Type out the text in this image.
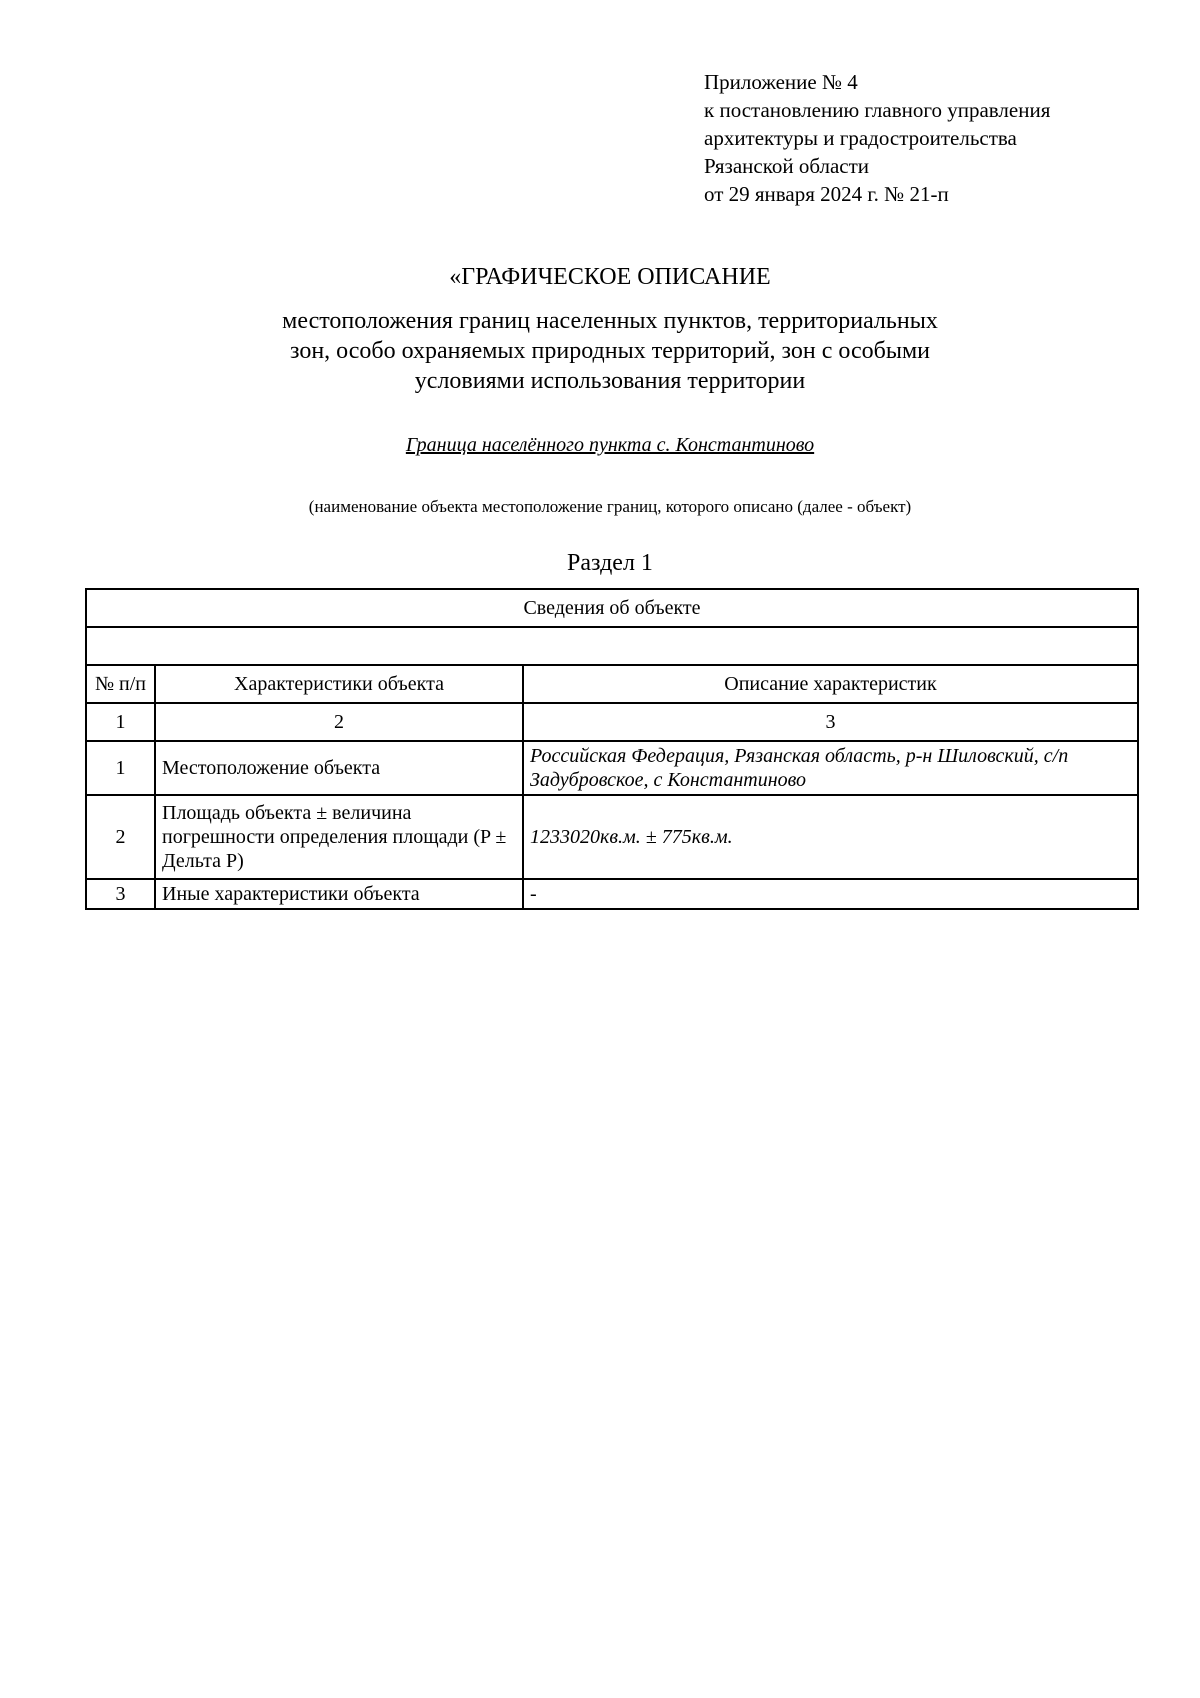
Приложение № 4
к постановлению главного управления
архитектуры и градостроительства
Рязанской области
от 29 января 2024 г. № 21-п
«ГРАФИЧЕСКОЕ ОПИСАНИЕ
местоположения границ населенных пунктов, территориальных
зон, особо охраняемых природных территорий, зон с особыми
условиями использования территории
Граница населённого пункта с. Константиново
(наименование объекта местоположение границ, которого описано (далее - объект)
Раздел 1
Сведения об объекте		

№ п/п	Характеристики объекта	Описание характеристик
1	2	3
1	Местоположение объекта	Российская Федерация, Рязанская область, р-н Шиловский, с/п Задубровское, с Константиново
2	Площадь объекта ± величина погрешности определения площади (P ± Дельта P)	1233020кв.м. ± 775кв.м.
3	Иные характеристики объекта	-
